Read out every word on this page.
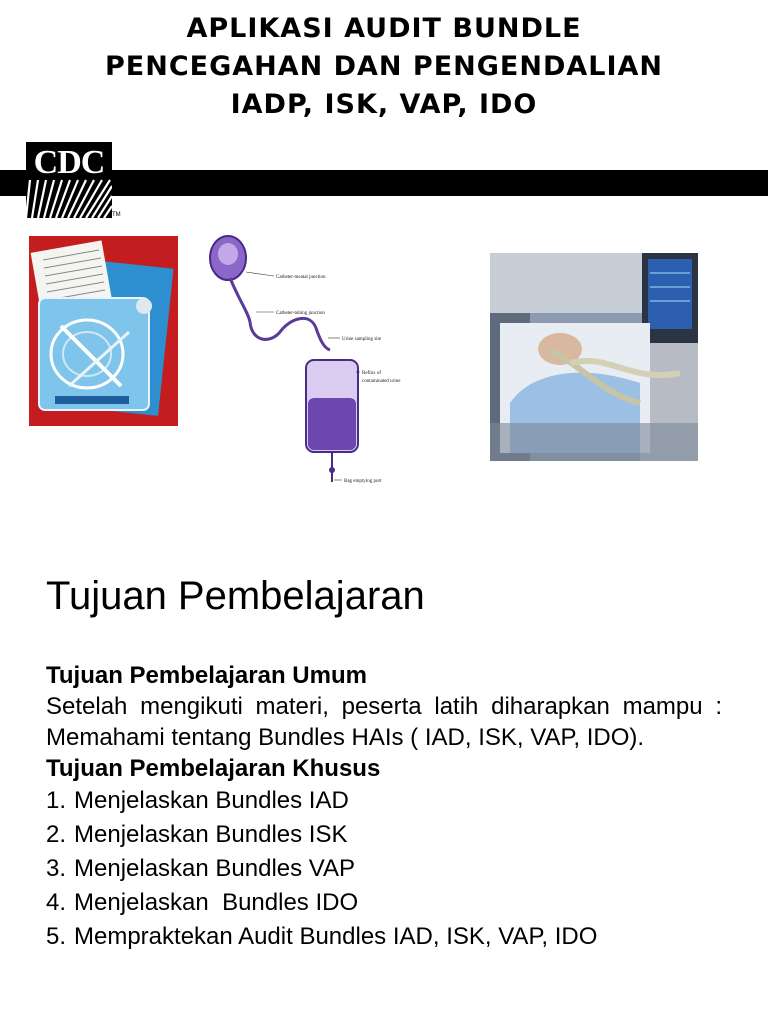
APLIKASI AUDIT BUNDLE
PENCEGAHAN DAN PENGENDALIAN
IADP, ISK, VAP, IDO
CDC
TM
Catheter-meatal junction
Catheter-tubing junction
Urine sampling site
Reflux of
contaminated urine
Bag emptying port
Tujuan Pembelajaran

Tujuan Pembelajaran Umum

Setelah mengikuti materi, peserta latih diharapkan mampu : Memahami tentang Bundles HAIs ( IAD, ISK, VAP, IDO).

Tujuan Pembelajaran Khusus

1. Menjelaskan Bundles IAD
2. Menjelaskan Bundles ISK
3. Menjelaskan Bundles VAP
4. Menjelaskan  Bundles IDO
5. Mempraktekan Audit Bundles IAD, ISK, VAP, IDO
